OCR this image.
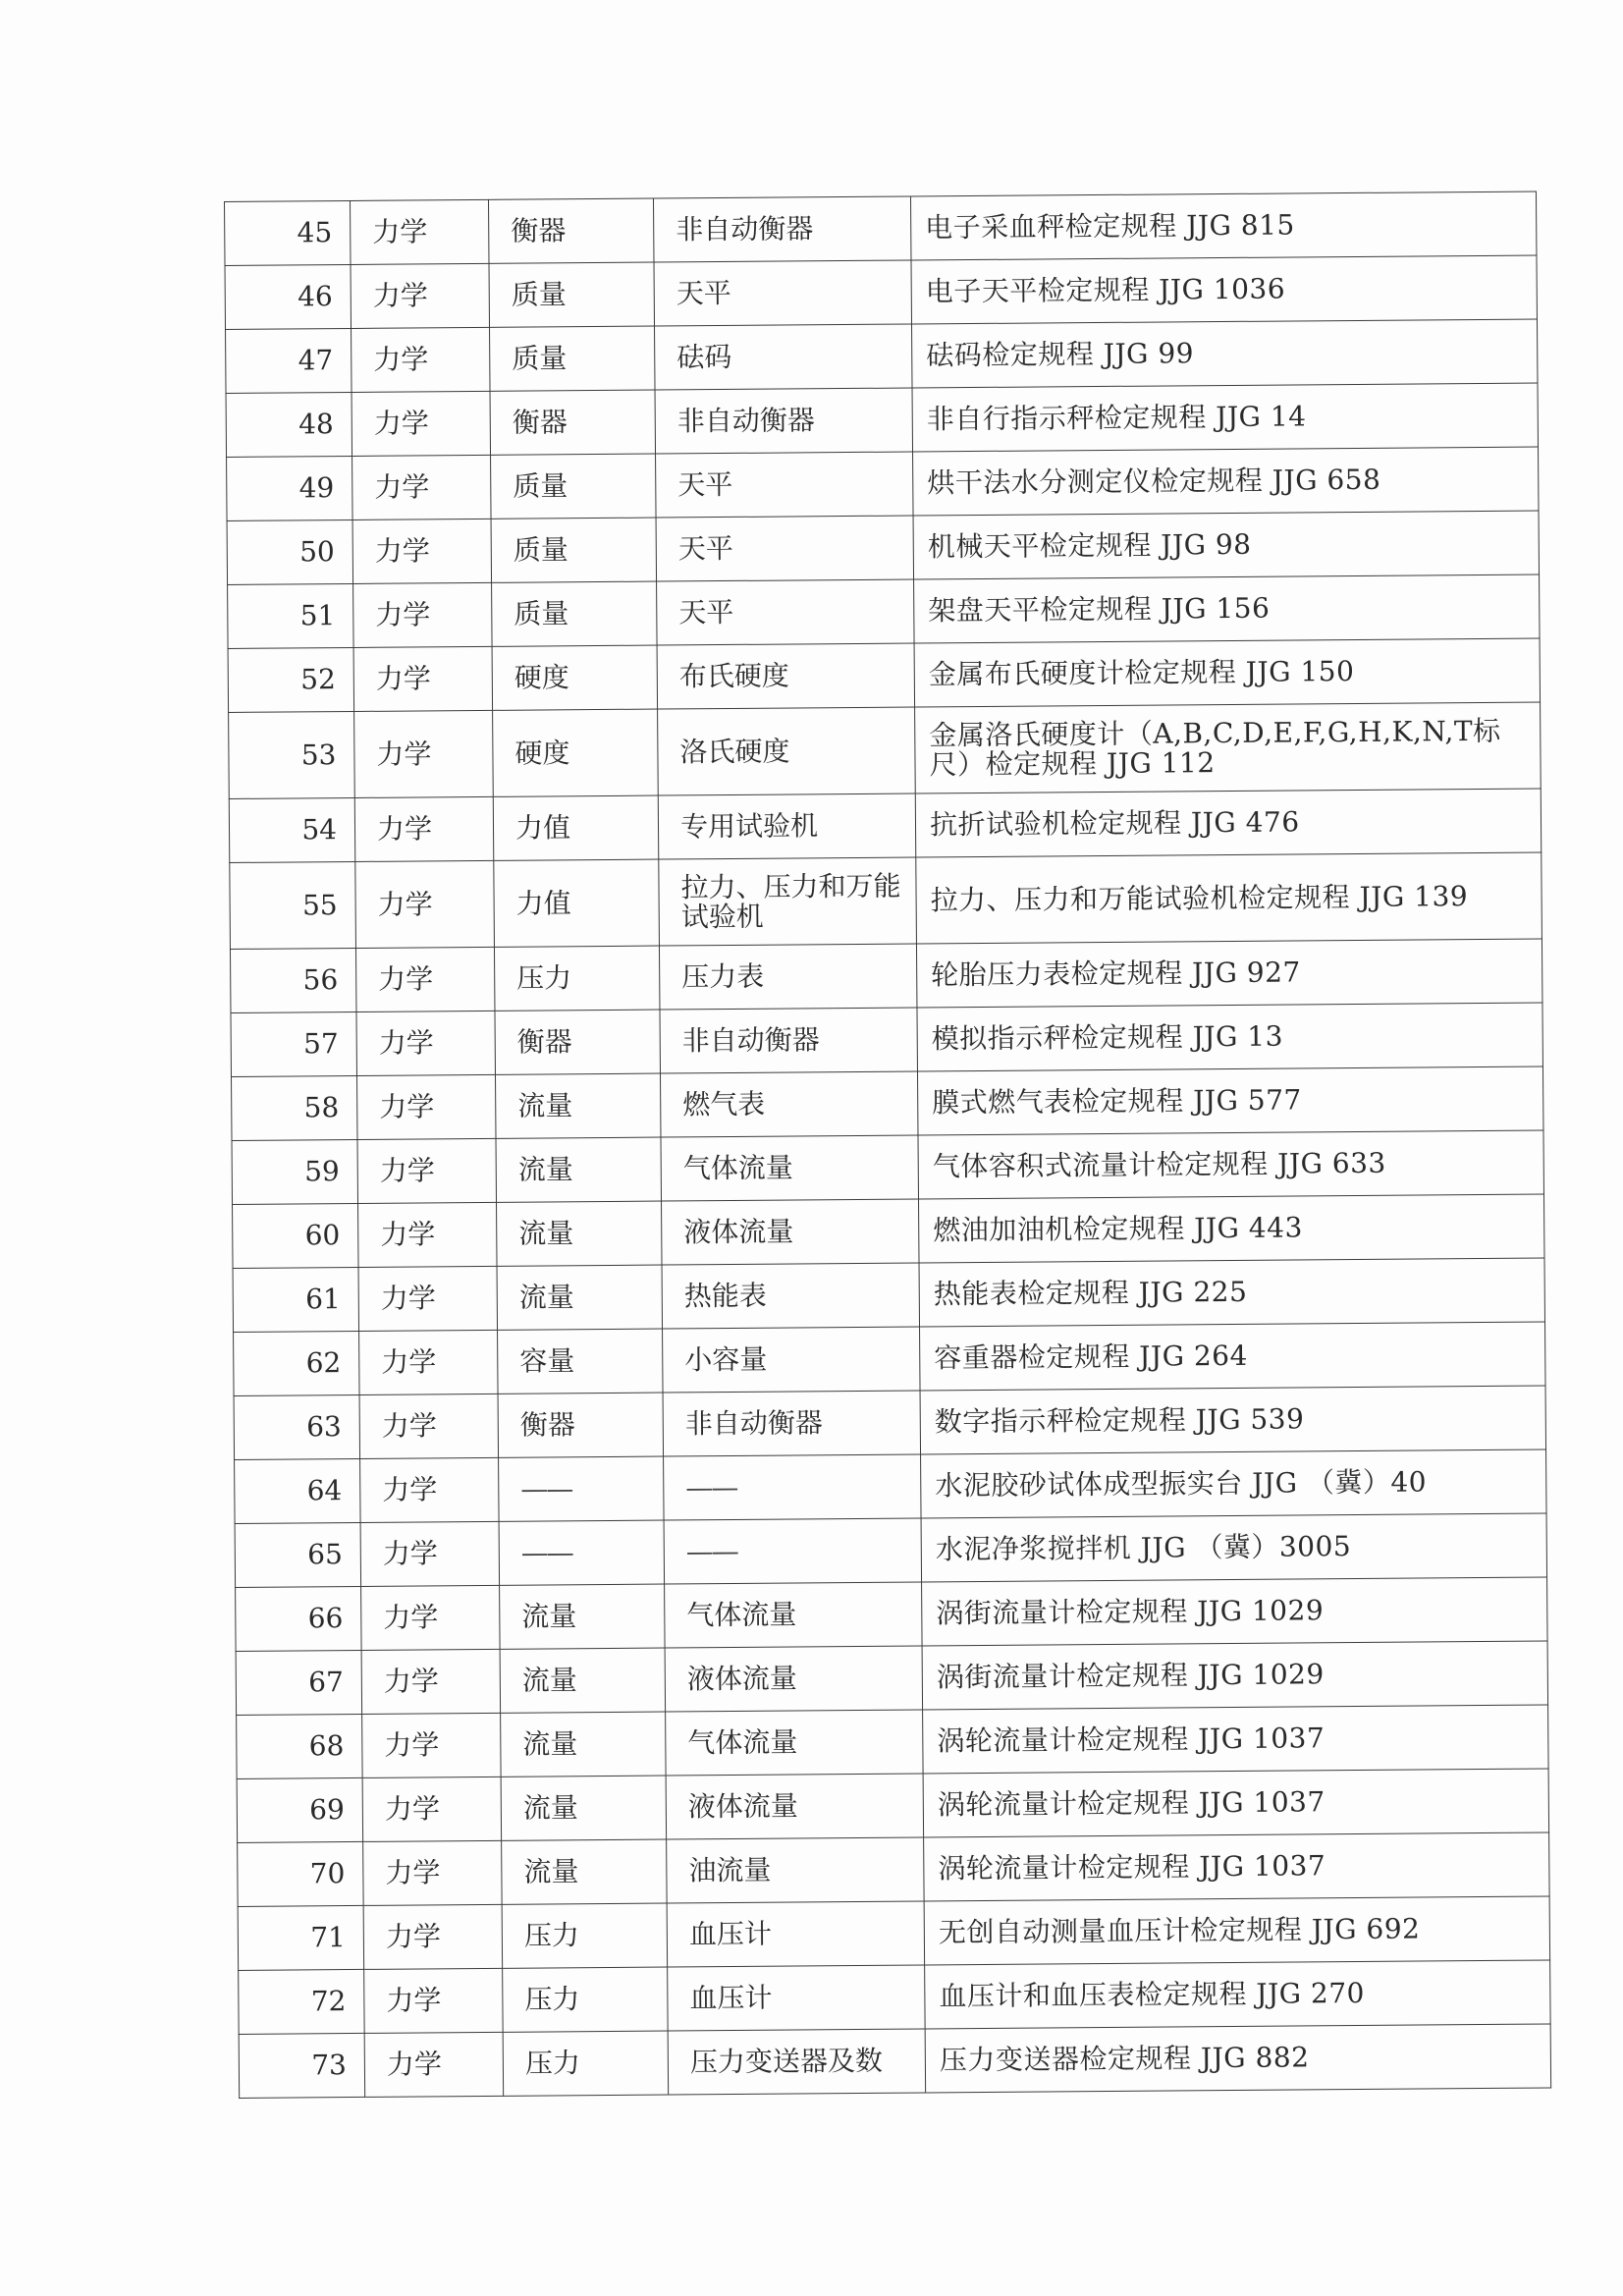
45	力学	衡器	非自动衡器	电子采血秤检定规程 JJG 815
46	力学	质量	天平	电子天平检定规程 JJG 1036
47	力学	质量	砝码	砝码检定规程 JJG 99
48	力学	衡器	非自动衡器	非自行指示秤检定规程 JJG 14
49	力学	质量	天平	烘干法水分测定仪检定规程 JJG 658
50	力学	质量	天平	机械天平检定规程 JJG 98
51	力学	质量	天平	架盘天平检定规程 JJG 156
52	力学	硬度	布氏硬度	金属布氏硬度计检定规程 JJG 150
53	力学	硬度	洛氏硬度	金属洛氏硬度计（A,B,C,D,E,F,G,H,K,N,T标尺）检定规程 JJG 112
54	力学	力值	专用试验机	抗折试验机检定规程 JJG 476
55	力学	力值	拉力、压力和万能试验机	拉力、压力和万能试验机检定规程 JJG 139
56	力学	压力	压力表	轮胎压力表检定规程 JJG 927
57	力学	衡器	非自动衡器	模拟指示秤检定规程 JJG 13
58	力学	流量	燃气表	膜式燃气表检定规程 JJG 577
59	力学	流量	气体流量	气体容积式流量计检定规程 JJG 633
60	力学	流量	液体流量	燃油加油机检定规程 JJG 443
61	力学	流量	热能表	热能表检定规程 JJG 225
62	力学	容量	小容量	容重器检定规程 JJG 264
63	力学	衡器	非自动衡器	数字指示秤检定规程 JJG 539
64	力学	——	——	水泥胶砂试体成型振实台 JJG （冀）40
65	力学	——	——	水泥净浆搅拌机 JJG （冀）3005
66	力学	流量	气体流量	涡街流量计检定规程 JJG 1029
67	力学	流量	液体流量	涡街流量计检定规程 JJG 1029
68	力学	流量	气体流量	涡轮流量计检定规程 JJG 1037
69	力学	流量	液体流量	涡轮流量计检定规程 JJG 1037
70	力学	流量	油流量	涡轮流量计检定规程 JJG 1037
71	力学	压力	血压计	无创自动测量血压计检定规程 JJG 692
72	力学	压力	血压计	血压计和血压表检定规程 JJG 270
73	力学	压力	压力变送器及数	压力变送器检定规程 JJG 882
